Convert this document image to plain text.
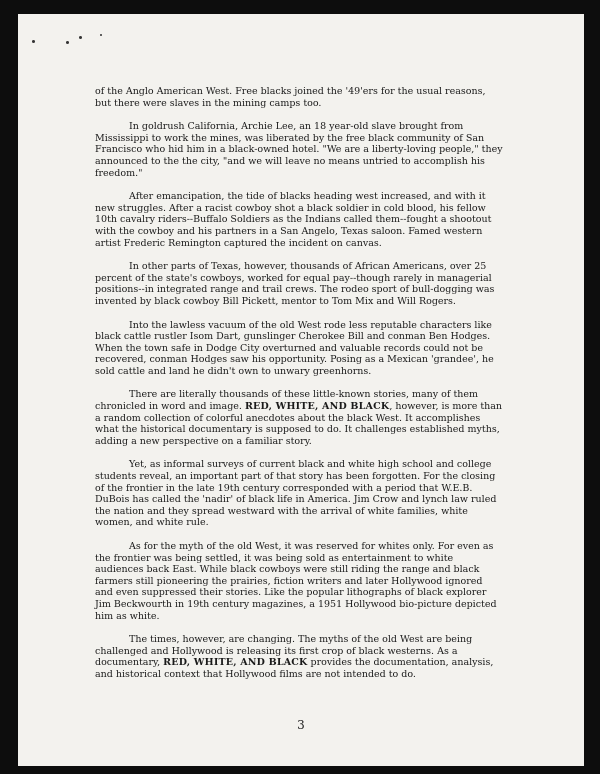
of the Anglo American West. Free blacks joined the '49'ers for the usual reasons, but there were slaves in the mining camps too.

In goldrush California, Archie Lee, an 18 year-old slave brought from Mississippi to work the mines, was liberated by the free black community of San Francisco who hid him in a black-owned hotel. "We are a liberty-loving people," they announced to the the city, "and we will leave no means untried to accomplish his freedom."

After emancipation, the tide of blacks heading west increased, and with it new struggles. After a racist cowboy shot a black soldier in cold blood, his fellow 10th cavalry riders--Buffalo Soldiers as the Indians called them--fought a shootout with the cowboy and his partners in a San Angelo, Texas saloon. Famed western artist Frederic Remington captured the incident on canvas.

In other parts of Texas, however, thousands of African Americans, over 25 percent of the state's cowboys, worked for equal pay--though rarely in managerial positions--in integrated range and trail crews. The rodeo sport of bull-dogging was invented by black cowboy Bill Pickett, mentor to Tom Mix and Will Rogers.

Into the lawless vacuum of the old West rode less reputable characters like black cattle rustler Isom Dart, gunslinger Cherokee Bill and conman Ben Hodges. When the town safe in Dodge City overturned and valuable records could not be recovered, conman Hodges saw his opportunity. Posing as a Mexican 'grandee', he sold cattle and land he didn't own to unwary greenhorns.

There are literally thousands of these little-known stories, many of them chronicled in word and image. RED, WHITE, AND BLACK, however, is more than a random collection of colorful anecdotes about the black West. It accomplishes what the historical documentary is supposed to do. It challenges established myths, adding a new perspective on a familiar story.

Yet, as informal surveys of current black and white high school and college students reveal, an important part of that story has been forgotten. For the closing of the frontier in the late 19th century corresponded with a period that W.E.B. DuBois has called the 'nadir' of black life in America. Jim Crow and lynch law ruled the nation and they spread westward with the arrival of white families, white women, and white rule.

As for the myth of the old West, it was reserved for whites only. For even as the frontier was being settled, it was being sold as entertainment to white audiences back East. While black cowboys were still riding the range and black farmers still pioneering the prairies, fiction writers and later Hollywood ignored and even suppressed their stories. Like the popular lithographs of black explorer Jim Beckwourth in 19th century magazines, a 1951 Hollywood bio-picture depicted him as white.

The times, however, are changing. The myths of the old West are being challenged and Hollywood is releasing its first crop of black westerns. As a documentary, RED, WHITE, AND BLACK provides the documentation, analysis, and historical context that Hollywood films are not intended to do.

3
